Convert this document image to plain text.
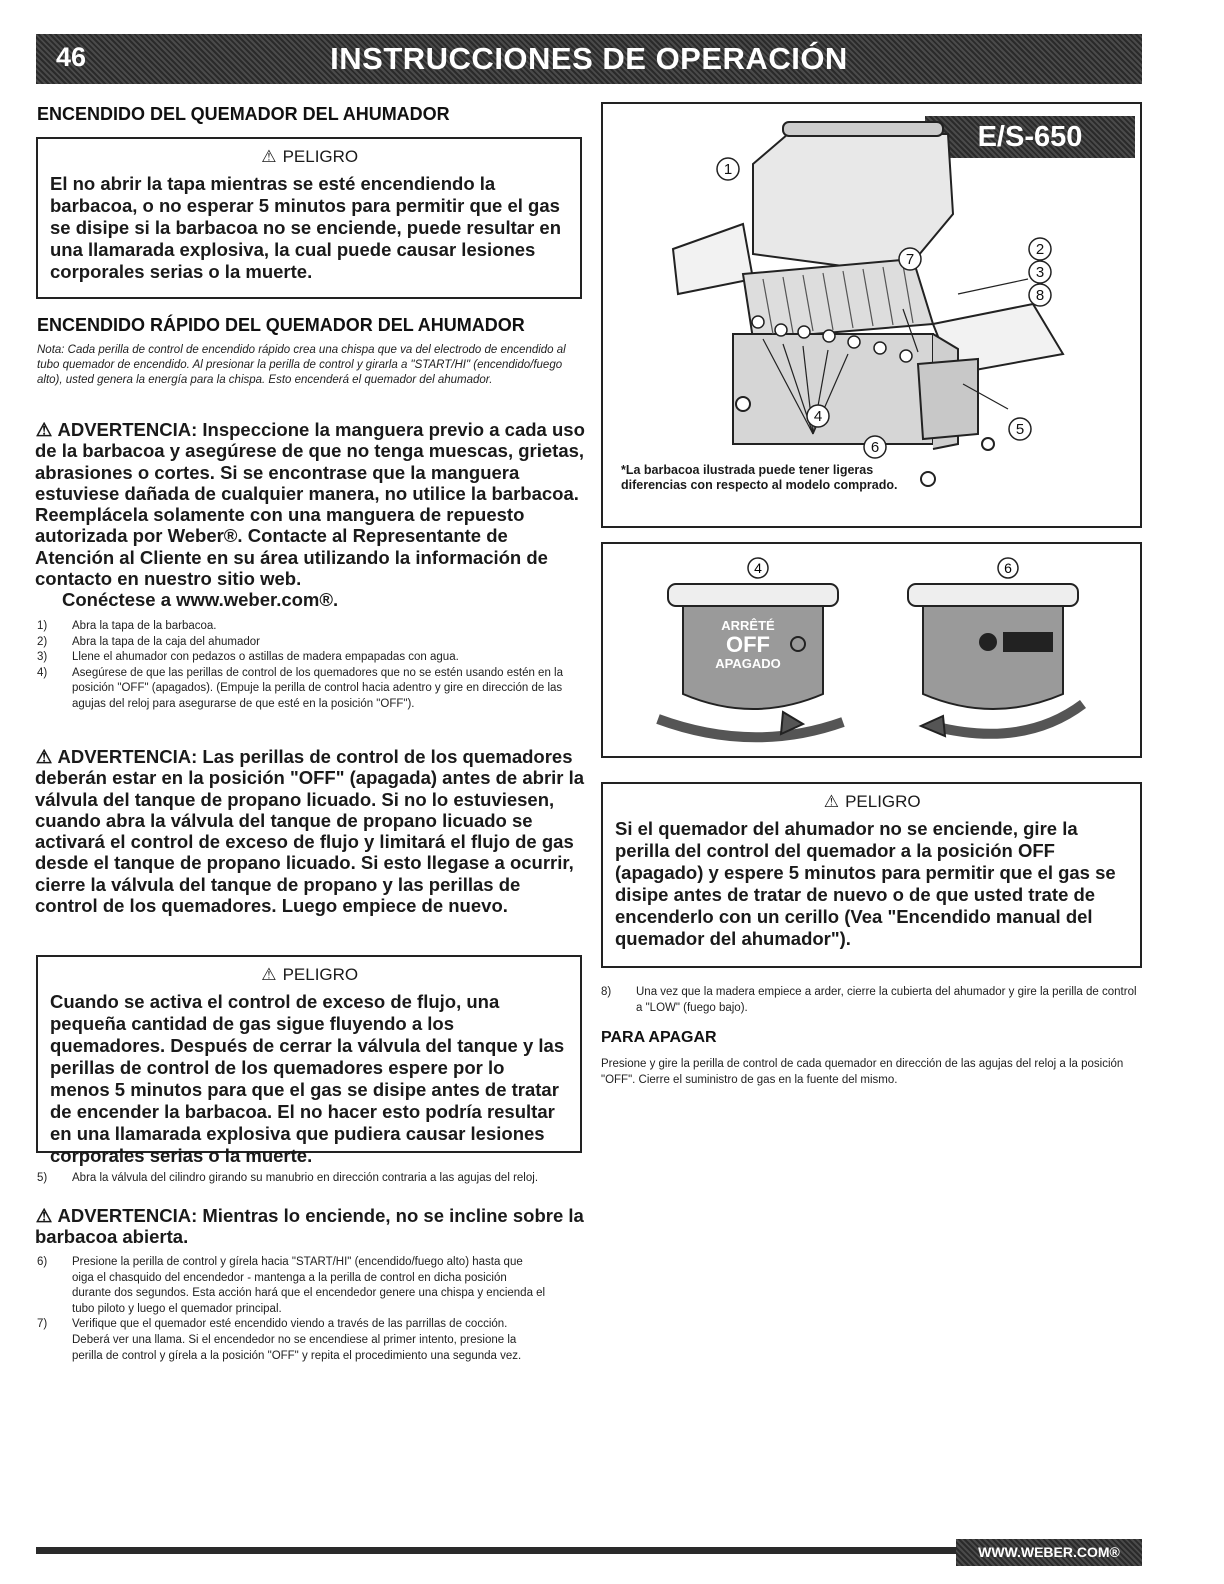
46	INSTRUCCIONES DE OPERACIÓN
ENCENDIDO DEL QUEMADOR DEL AHUMADOR
⚠ PELIGRO
El no abrir la tapa mientras se esté encendiendo la barbacoa, o no esperar 5 minutos para permitir que el gas se disipe si la barbacoa no se enciende, puede resultar en una llamarada explosiva, la cual puede causar lesiones corporales serias o la muerte.
ENCENDIDO RÁPIDO DEL QUEMADOR DEL AHUMADOR
Nota: Cada perilla de control de encendido rápido crea una chispa que va del electrodo de encendido al tubo quemador de encendido. Al presionar la perilla de control y girarla a "START/HI" (encendido/fuego alto), usted genera la energía para la chispa. Esto encenderá el quemador del ahumador.
⚠ ADVERTENCIA: Inspeccione la manguera previo a cada uso de la barbacoa y asegúrese de que no tenga muescas, grietas, abrasiones o cortes. Si se encontrase que la manguera estuviese dañada de cualquier manera, no utilice la barbacoa. Reemplácela solamente con una manguera de repuesto autorizada por Weber®. Contacte al Representante de Atención al Cliente en su área utilizando la información de contacto en nuestro sitio web.
Conéctese a www.weber.com®.
1)	Abra la tapa de la barbacoa.
2)	Abra la tapa de la caja del ahumador
3)	Llene el ahumador con pedazos o astillas de madera empapadas con agua.
4)	Asegúrese de que las perillas de control de los quemadores que no se estén usando estén en la posición "OFF" (apagados). (Empuje la perilla de control hacia adentro y gire en dirección de las agujas del reloj para asegurarse de que esté en la posición "OFF").
⚠ ADVERTENCIA: Las perillas de control de los quemadores deberán estar en la posición "OFF" (apagada) antes de abrir la válvula del tanque de propano licuado. Si no lo estuviesen, cuando abra la válvula del tanque de propano licuado se activará el control de exceso de flujo y limitará el flujo de gas desde el tanque de propano licuado. Si esto llegase a ocurrir, cierre la válvula del tanque de propano y las perillas de control de los quemadores. Luego empiece de nuevo.
⚠ PELIGRO
Cuando se activa el control de exceso de flujo, una pequeña cantidad de gas sigue fluyendo a los quemadores. Después de cerrar la válvula del tanque y las perillas de control de los quemadores espere por lo menos 5 minutos para que el gas se disipe antes de tratar de encender la barbacoa. El no hacer esto podría resultar en una llamarada explosiva que pudiera causar lesiones corporales serias o la muerte.
5)	Abra la válvula del cilindro girando su manubrio en dirección contraria a las agujas del reloj.
⚠ ADVERTENCIA: Mientras lo enciende, no se incline sobre la barbacoa abierta.
6)	Presione la perilla de control y gírela hacia "START/HI" (encendido/fuego alto) hasta que oiga el chasquido del encendedor - mantenga a la perilla de control en dicha posición durante dos segundos. Esta acción hará que el encendedor genere una chispa y encienda el tubo piloto y luego el quemador principal.
7)	Verifique que el quemador esté encendido viendo a través de las parrillas de cocción. Deberá ver una llama. Si el encendedor no se encendiese al primer intento, presione la perilla de control y gírela a la posición "OFF" y repita el procedimiento una segunda vez.
E/S-650
1
7
2
3
8
4
5
6
*La barbacoa ilustrada puede tener ligeras diferencias con respecto al modelo comprado.
4	6
ARRÊTÉ
OFF
APAGADO
⚠ PELIGRO
Si el quemador del ahumador no se enciende, gire la perilla del control del quemador a la posición OFF (apagado) y espere 5 minutos para permitir que el gas se disipe antes de tratar de nuevo o de que usted trate de encenderlo con un cerillo (Vea "Encendido manual del quemador del ahumador").
8)	Una vez que la madera empiece a arder, cierre la cubierta del ahumador y gire la perilla de control a "LOW" (fuego bajo).
PARA APAGAR
Presione y gire la perilla de control de cada quemador en dirección de las agujas del reloj a la posición "OFF". Cierre el suministro de gas en la fuente del mismo.
WWW.WEBER.COM®
